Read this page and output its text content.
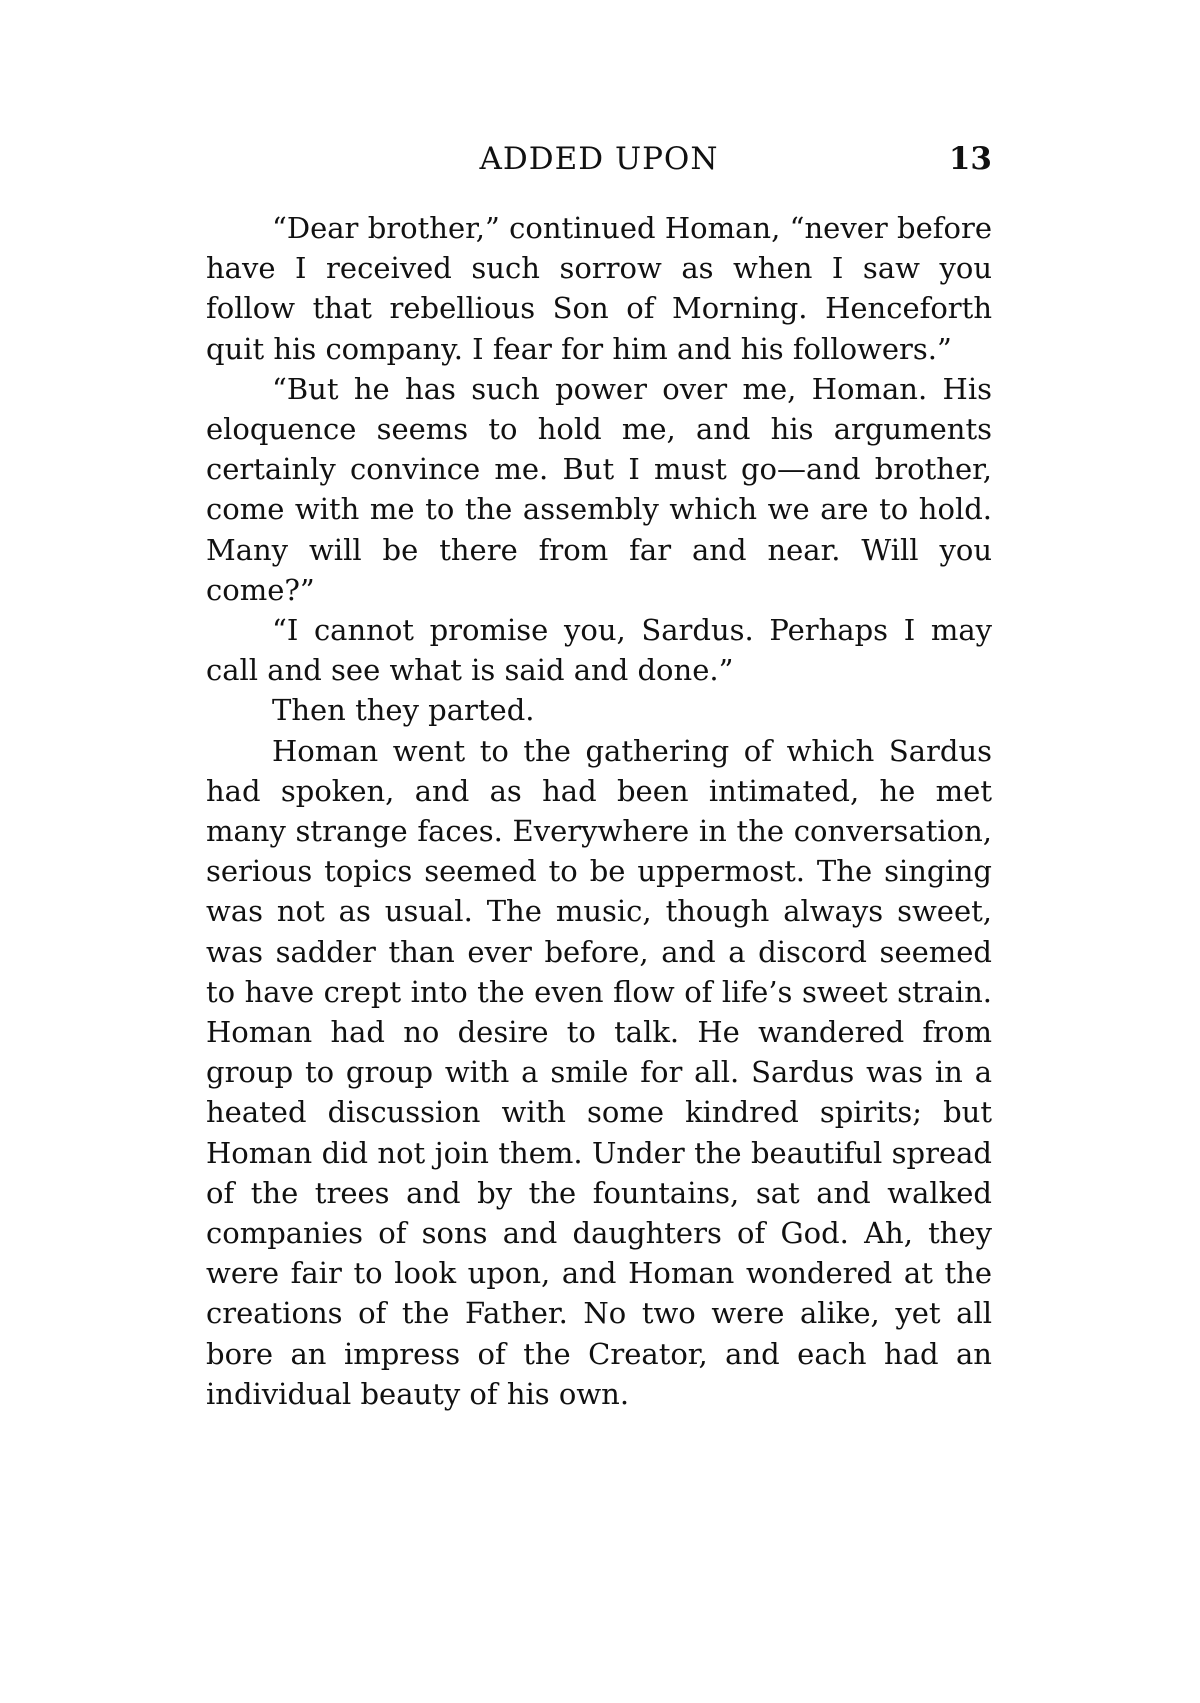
ADDED UPON	13

“Dear brother,” continued Homan, “never before have I received such sorrow as when I saw you follow that rebellious Son of Morning. Henceforth quit his company. I fear for him and his followers.”

“But he has such power over me, Homan. His eloquence seems to hold me, and his arguments certainly convince me. But I must go—and brother, come with me to the assembly which we are to hold. Many will be there from far and near. Will you come?”

“I cannot promise you, Sardus. Perhaps I may call and see what is said and done.”

Then they parted.

Homan went to the gathering of which Sardus had spoken, and as had been intimated, he met many strange faces. Everywhere in the conversation, serious topics seemed to be uppermost. The singing was not as usual. The music, though always sweet, was sadder than ever before, and a discord seemed to have crept into the even flow of life’s sweet strain. Homan had no desire to talk. He wandered from group to group with a smile for all. Sardus was in a heated discussion with some kindred spirits; but Homan did not join them. Under the beautiful spread of the trees and by the fountains, sat and walked companies of sons and daughters of God. Ah, they were fair to look upon, and Homan wondered at the creations of the Father. No two were alike, yet all bore an impress of the Creator, and each had an individual beauty of his own.
